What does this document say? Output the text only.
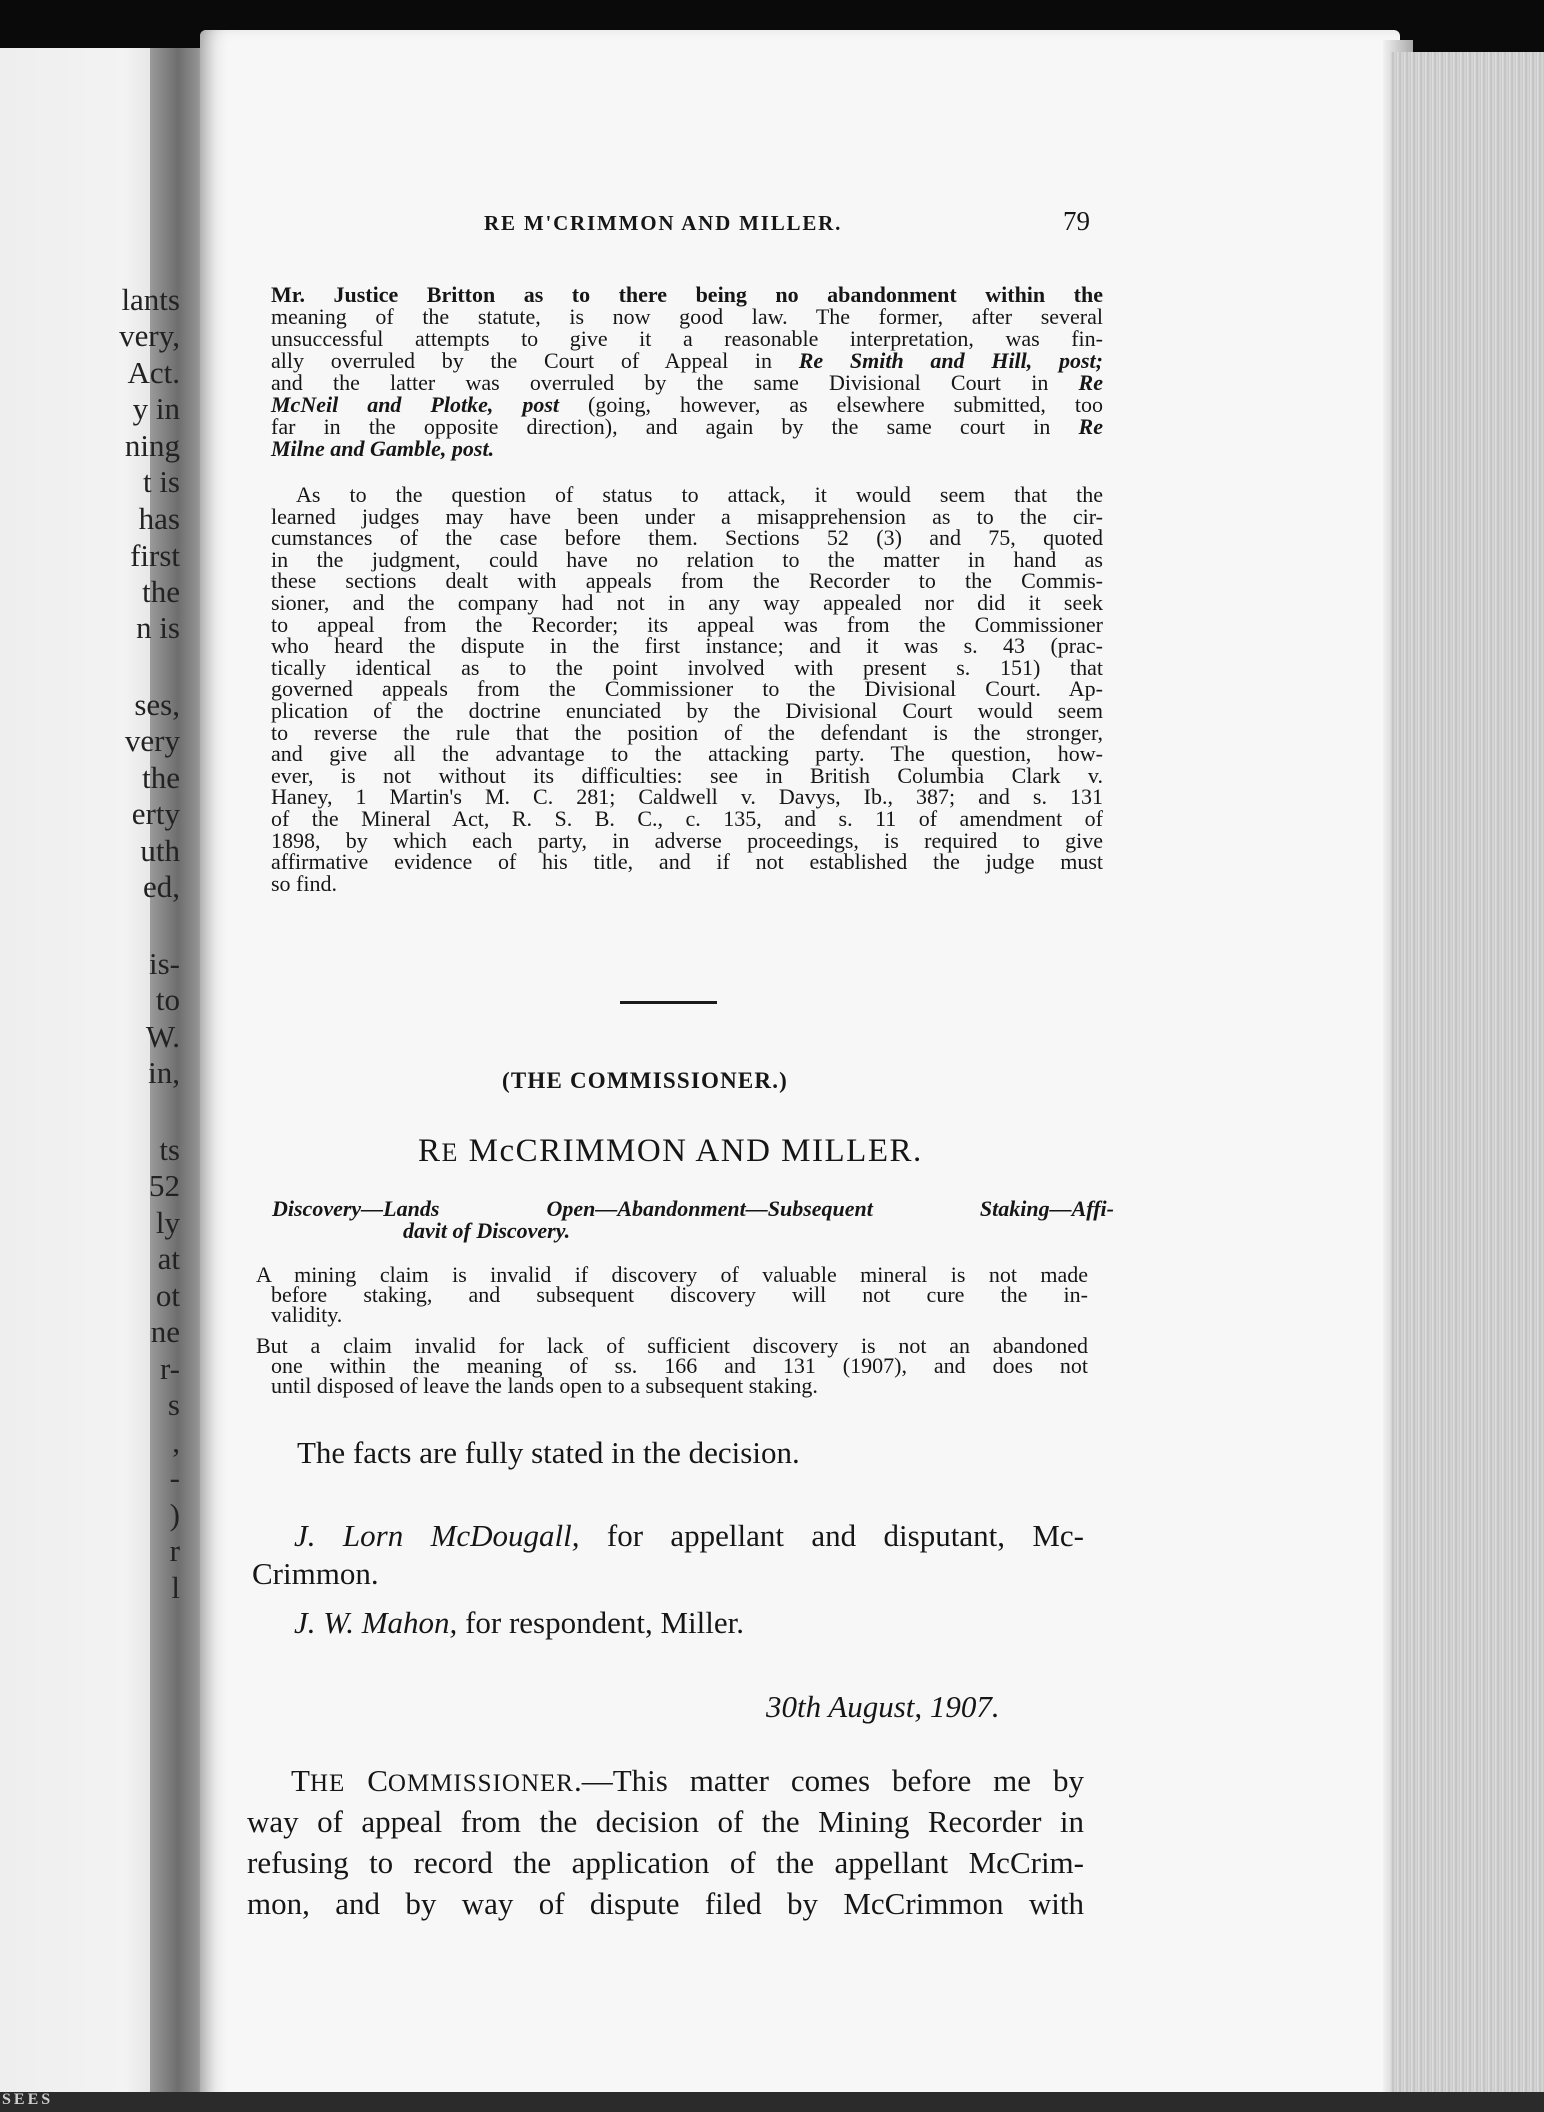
SEES
lants
very,
Act.
y in
ning
t is
has
first
the
n is
ses,
very
the
erty
uth
ed,
is-
to
W.
in,
ts
52
ly
at
ot
ne
r-
s
,
-
)
r
l
RE M'CRIMMON AND MILLER.	79
Mr. Justice Britton as to there being no abandonment within the
meaning of the statute, is now good law. The former, after several
unsuccessful attempts to give it a reasonable interpretation, was fin-
ally overruled by the Court of Appeal in Re Smith and Hill, post;
and the latter was overruled by the same Divisional Court in Re
McNeil and Plotke, post (going, however, as elsewhere submitted, too
far in the opposite direction), and again by the same court in Re
Milne and Gamble, post.
As to the question of status to attack, it would seem that the
learned judges may have been under a misapprehension as to the cir-
cumstances of the case before them. Sections 52 (3) and 75, quoted
in the judgment, could have no relation to the matter in hand as
these sections dealt with appeals from the Recorder to the Commis-
sioner, and the company had not in any way appealed nor did it seek
to appeal from the Recorder; its appeal was from the Commissioner
who heard the dispute in the first instance; and it was s. 43 (prac-
tically identical as to the point involved with present s. 151) that
governed appeals from the Commissioner to the Divisional Court. Ap-
plication of the doctrine enunciated by the Divisional Court would seem
to reverse the rule that the position of the defendant is the stronger,
and give all the advantage to the attacking party. The question, how-
ever, is not without its difficulties: see in British Columbia Clark v.
Haney, 1 Martin's M. C. 281; Caldwell v. Davys, Ib., 387; and s. 131
of the Mineral Act, R. S. B. C., c. 135, and s. 11 of amendment of
1898, by which each party, in adverse proceedings, is required to give
affirmative evidence of his title, and if not established the judge must
so find.
(THE COMMISSIONER.)
RE McCRIMMON AND MILLER.
Discovery—Lands Open—Abandonment—Subsequent Staking—Affi-
davit of Discovery.
A mining claim is invalid if discovery of valuable mineral is not made
before staking, and subsequent discovery will not cure the in-
validity.
But a claim invalid for lack of sufficient discovery is not an abandoned
one within the meaning of ss. 166 and 131 (1907), and does not
until disposed of leave the lands open to a subsequent staking.
The facts are fully stated in the decision.
J. Lorn McDougall, for appellant and disputant, Mc-
Crimmon.
J. W. Mahon, for respondent, Miller.
30th August, 1907.
THE COMMISSIONER.—This matter comes before me by
way of appeal from the decision of the Mining Recorder in
refusing to record the application of the appellant McCrim-
mon, and by way of dispute filed by McCrimmon with
